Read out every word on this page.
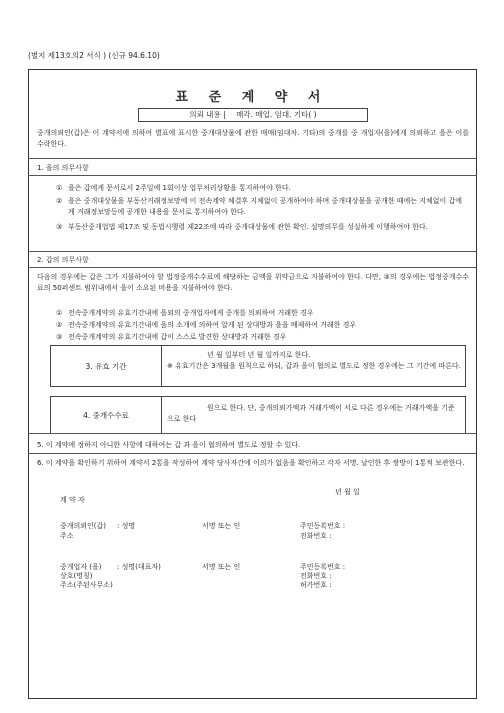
(별지 제13호의2 서식 ) (신규 94.6.10)
표 준 계 약 서
의뢰 내용 | 매각. 매입. 임대. 기타( )
중개의뢰인(갑)은 이 계약서에 의하여 별표에 표시한 중개대상물에 관한 매매(임대차. 기타)의 중개를 중 개업자(을)에게 의뢰하고 을은 이를 수락한다.
1. 을의 의무사항
① 을은 갑에게 문서로서 2주일에 1회이상 업무처리상황을 통지하여야 한다.
② 을은 중개대상물을 부동산거래정보망에 이 전속계약 체결후 지체없이 공개하여야 하며 중개대상물을 공개한 때에는 지체없이 갑에게 거래정보망등에 공개한 내용을 문서로 통지하여야 한다.
③ 부동산중개업법 제17조 및 동법시행령 제22조에 따라 중개대상물에 관한 확인. 설명의무를 성실하게 이행하여야 한다.
2. 갑의 의무사항
다음의 경우에는 갑은 그가 지불하여야 할 법정중개수수료에 해당하는 금액을 위약금으로 지불하여야 한다. 다만, ③의 경우에는 법정중개수수료의 50퍼센트 범위내에서 을이 소요된 비용을 지불하여야 한다.
① 전속중개계약의 유효기간내에 을외의 중개업자에게 중개를 의뢰하여 거래한 경우
② 전속중개계약의 유효기간내에 을의 소개에 의하여 알게 된 상대방과 을을 배제하여 거래한 경우
③ 전속중개계약의 유효기간내에 갑이 스스로 발견한 상대방과 거래한 경우
3. 유효 기간
년 월 일부터 년 월 일까지로 한다.
※ 유효기간은 3개월을 원칙으로 하되, 갑과 을이 협의로 별도로 정한 경우에는 그 기간에 따른다.
4. 중개수수료
원으로 한다. 단, 중개의뢰가액과 거래가액이 서로 다른 경우에는 거래가액을 기준으로 한다
5. 이 계약에 정하지 아니한 사항에 대하여는 갑 과 을이 협의하여 별도로 정할 수 있다.
6. 이 계약을 확인하기 위하여 계약서 2통을 작성하여 계약 당사자간에 이의가 없음을 확인하고 각자 서명. 날인한 후 쌍방이 1통씩 보관한다.
년 월 일
계 약 자
중개의뢰인(갑) : 성명	서명 또는 인	주민등록번호 :
주소	전화번호 :
중개업자 (을) : 성명(대표자)	서명 또는 인	주민등록번호 :
상호(명칭)	전화번호 :
주소(주된사무소)	허가번호 :
